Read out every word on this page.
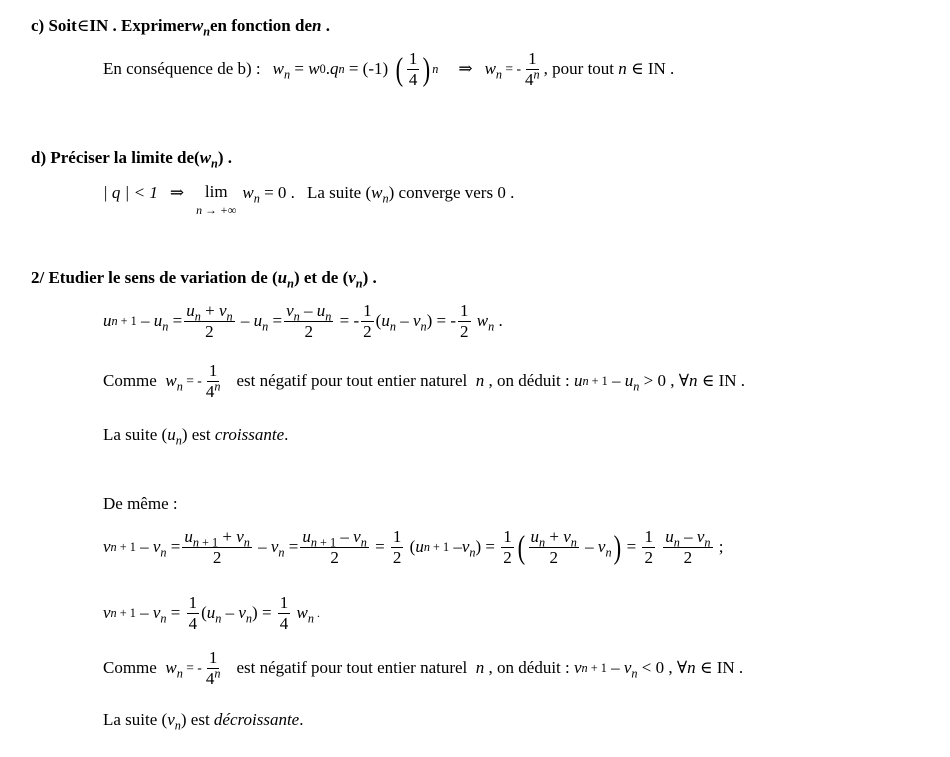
c) Soit ∈ IN . Exprimer $w_n$ en fonction de n .
En conséquence de b) : $w_n = w$ 0 . q n = (-1) ( $\frac{1}{4}$ ) n ⇒ $w_n$ = - $\frac{1}{4^n}$ , pour tout
n ∈ IN .
d) Préciser la limite de ( $w_n$ ) .
| q | < 1 ⇒ lim
n → +∞
$w_n$
= 0 . La suite ( $w_n$ ) converge vers 0 .
2/ Etudier le sens de variation de ( $u_n$ ) et de ( $v_n$ ) .
u $n + 1 - u_n = \frac{u_n + v_n}{2} - u_n = \frac{v_n - u_n}{2}$ = - $\frac{1}{2}$ ( $u_n - v_n$ ) = - $\frac{1}{2}$
$w_n$ .
Comme
$w_n$ = - $\frac{1}{4^n}$ est négatif pour tout entier naturel
n
, on déduit :
u $n + 1 - u_n > 0$ , ∀ n ∈ IN .
La suite ( $u_n$ ) est
croissante .
De même :
v $n + 1 - v_n = \frac{u_{n + 1} + v_n}{2} - v_n = \frac{u_{n + 1} - v_n}{2} = \frac{1}{2}$ ( u $n + 1 - v_n$ ) = $\frac{1}{2}$ ( $\frac{u_n + v_n}{2} - v_n$ ) = $\frac{1}{2}$
$\frac{u_n - v_n}{2}$ ;
v $n + 1 - v_n = \frac{1}{4}$ ( $u_n - v_n$ ) = $\frac{1}{4}$
$w_n$ .
Comme
$w_n$ = - $\frac{1}{4^n}$ est négatif pour tout entier naturel
n
, on déduit :
v $n + 1 - v_n < 0$ , ∀ n ∈ IN .
La suite ( $v_n$ ) est
décroissante .
